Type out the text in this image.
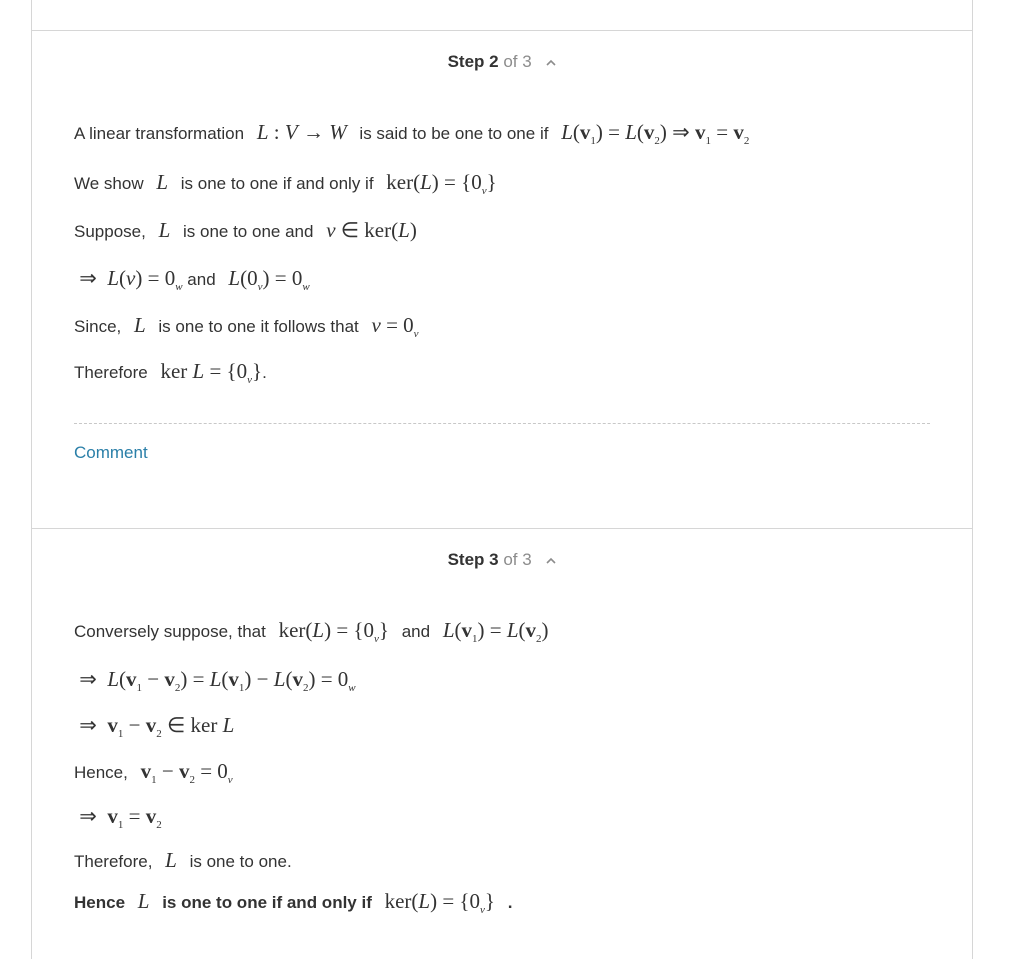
Step 2 of 3
A linear transformation L : V → W is said to be one to one if $L(v_1) = L(v_2)$ ⇒ $v_1 = v_2$
We show L is one to one if and only if $ker(L) = \{0_v\}$
Suppose, L is one to one and v ∈ ker(L)
⇒  $L(v) = 0_w$ and $L(0_v) = 0_w$
Since, L is one to one it follows that $v = 0_v$
Therefore ker $L = \{0_v\}$.
Comment
Step 3 of 3
Conversely suppose, that $ker(L) = \{0_v\}$ and $L(v_1) = L(v_2)$
⇒  $L(v_1 - v_2) = L(v_1) - L(v_2) = 0_w$
⇒  $v_1 - v_2$ ∈ ker L
Hence, $v_1 - v_2 = 0_v$
⇒  $v_1 = v_2$
Therefore, L is one to one.
Hence L is one to one if and only if $ker(L) = \{0_v\}$ .
